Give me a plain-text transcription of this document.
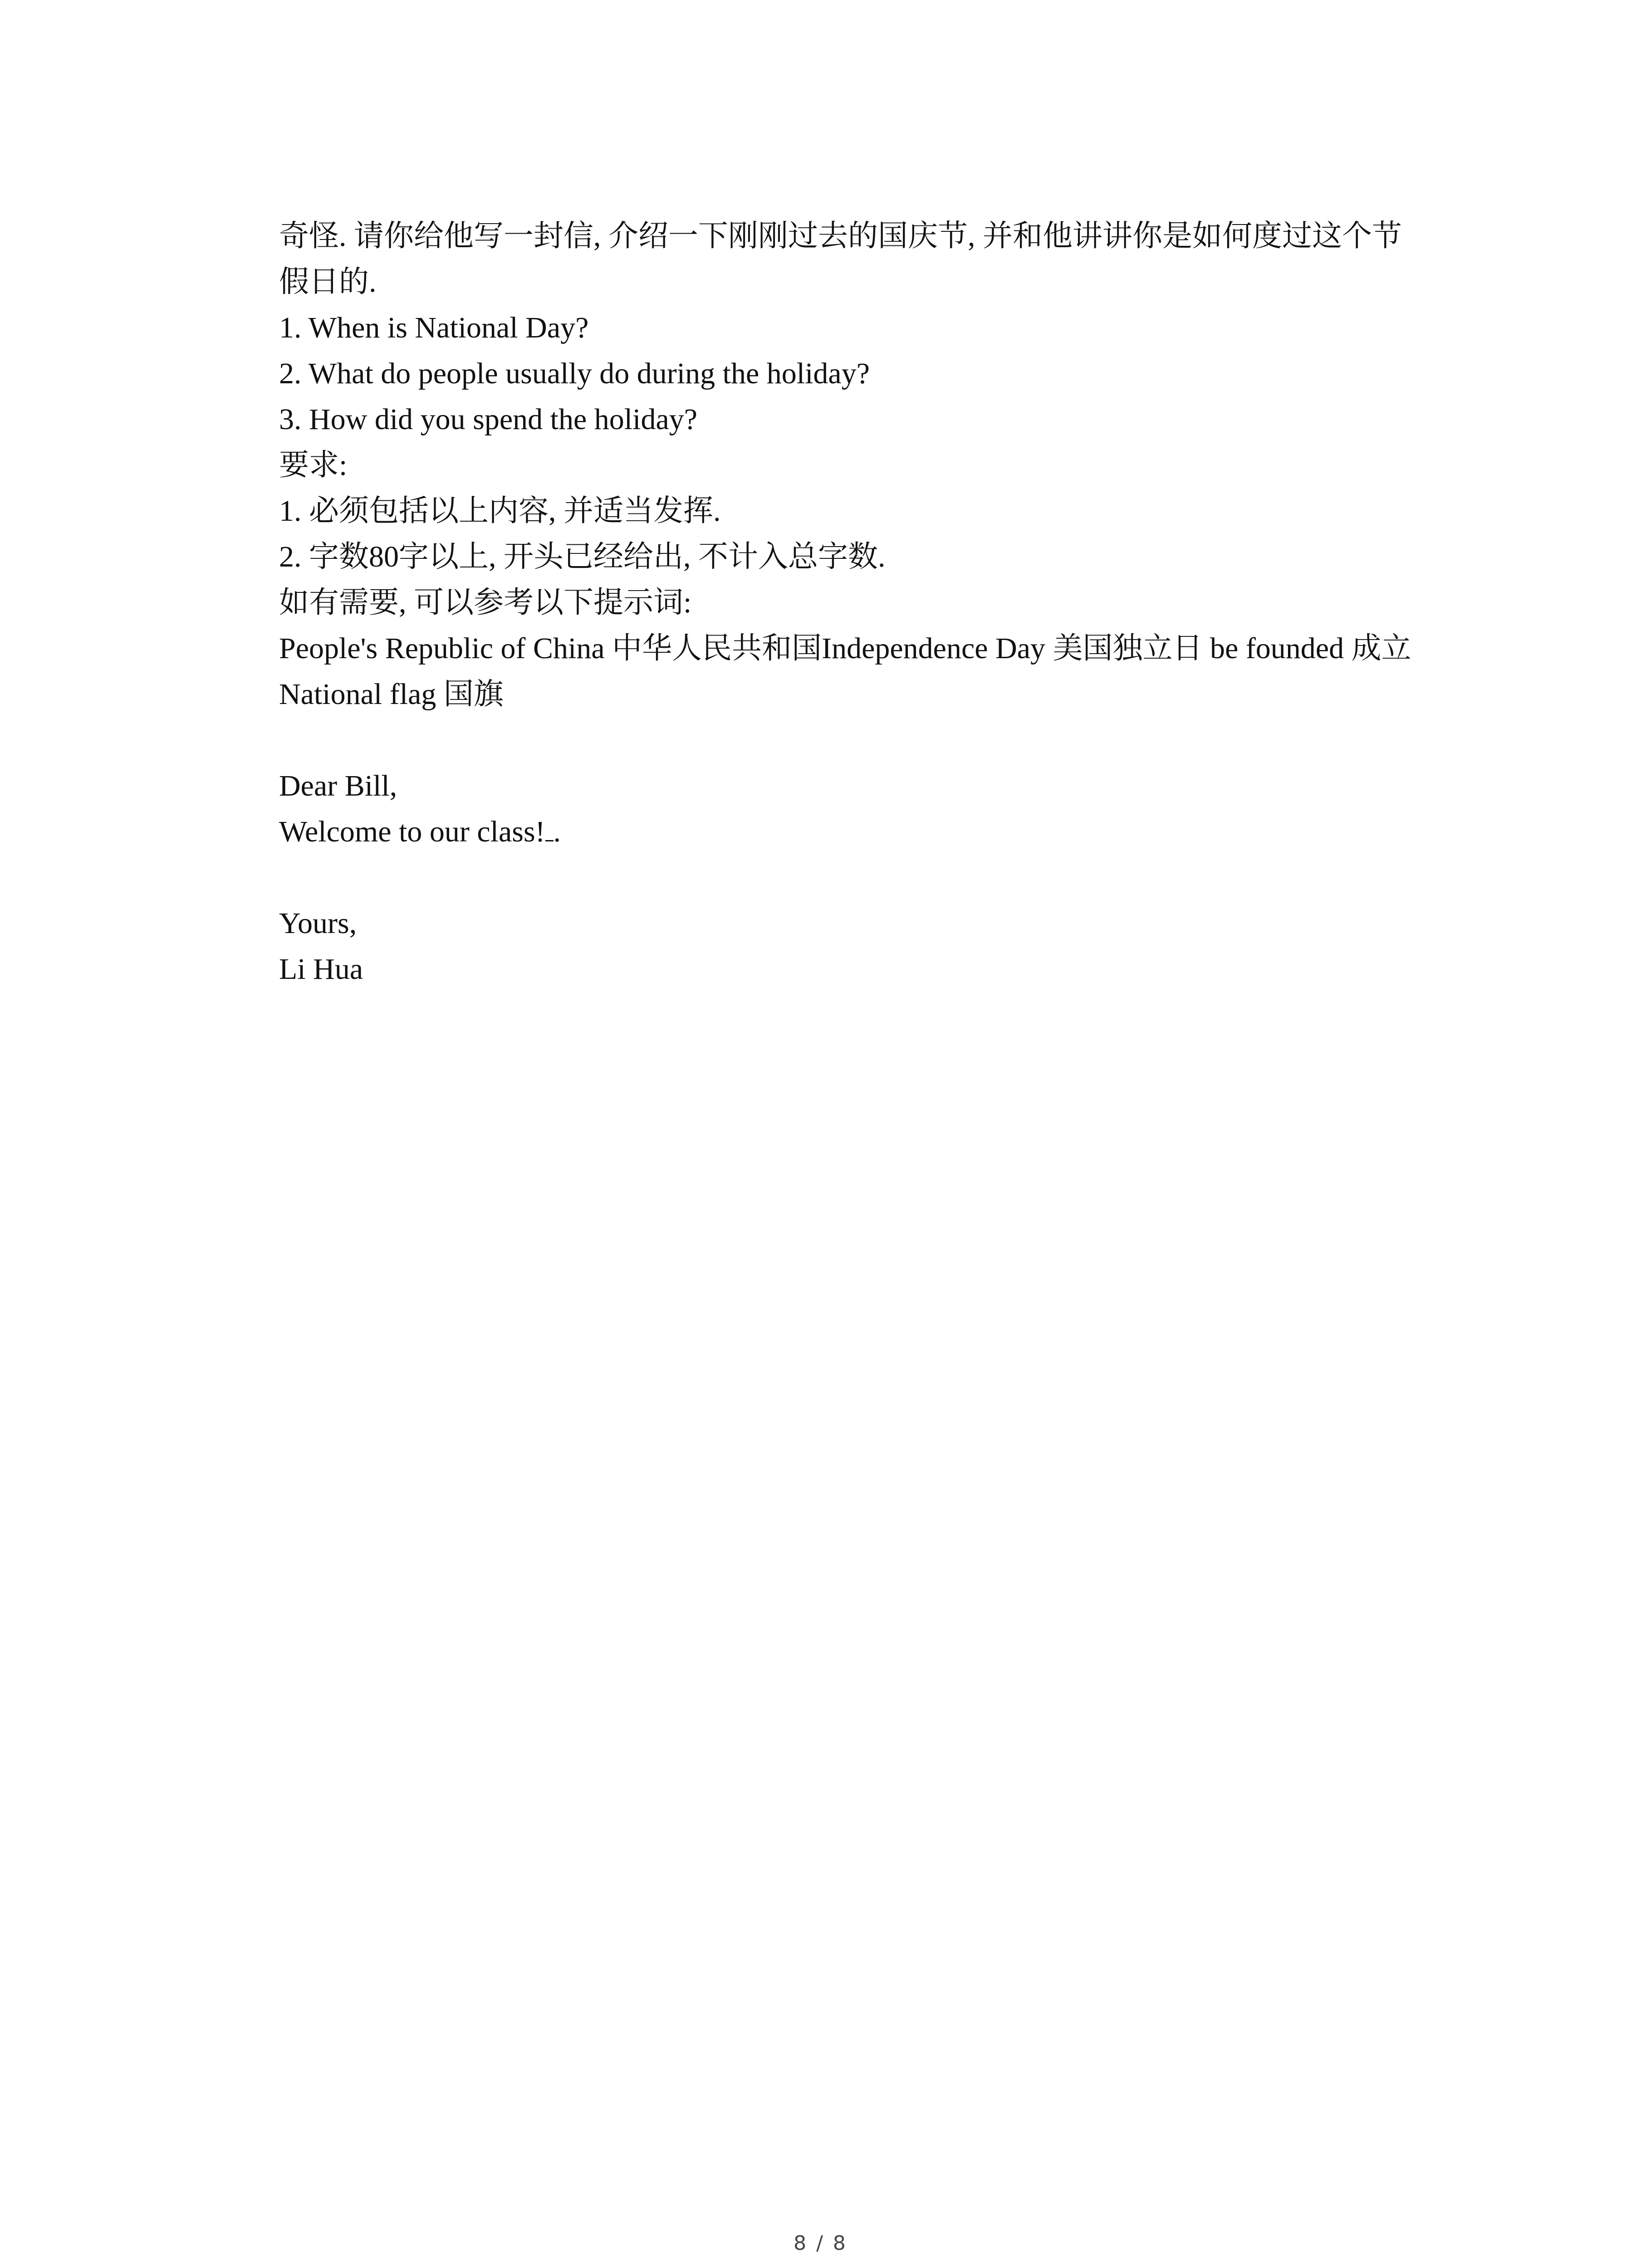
奇怪. 请你给他写一封信, 介绍一下刚刚过去的国庆节, 并和他讲讲你是如何度过这个节
假日的.
1. When is National Day?
2. What do people usually do during the holiday?
3. How did you spend the holiday?
要求:
1. 必须包括以上内容, 并适当发挥.
2. 字数80字以上, 开头已经给出, 不计入总字数.
如有需要, 可以参考以下提示词:
People's Republic of China 中华人民共和国Independence Day 美国独立日 be founded 成立
National flag 国旗
Dear Bill,
Welcome to our class! .
Yours,
Li Hua
8 / 8
